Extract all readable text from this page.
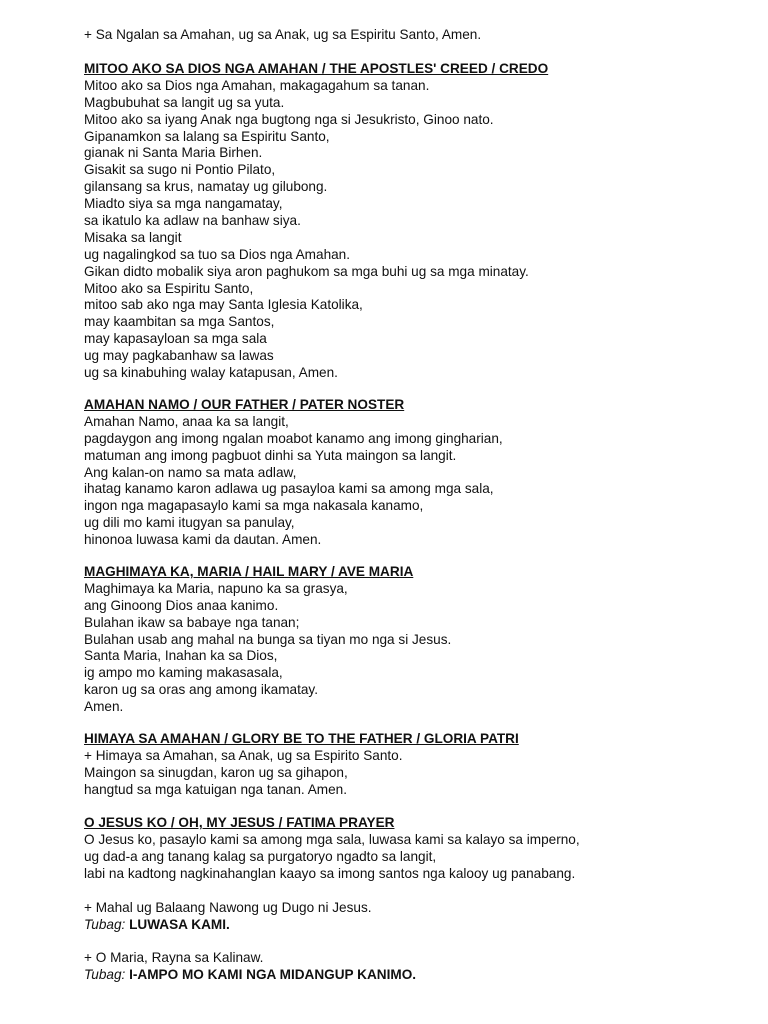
+ Sa Ngalan sa Amahan, ug sa Anak, ug sa Espiritu Santo, Amen.
MITOO AKO SA DIOS NGA AMAHAN / THE APOSTLES' CREED / CREDO
Mitoo ako sa Dios nga Amahan, makagagahum sa tanan.
Magbubuhat sa langit ug sa yuta.
Mitoo ako sa iyang Anak nga bugtong nga si Jesukristo, Ginoo nato.
Gipanamkon sa lalang sa Espiritu Santo,
gianak ni Santa Maria Birhen.
Gisakit sa sugo ni Pontio Pilato,
gilansang sa krus, namatay ug gilubong.
Miadto siya sa mga nangamatay,
sa ikatulo ka adlaw na banhaw siya.
Misaka sa langit
ug nagalingkod sa tuo sa Dios nga Amahan.
Gikan didto mobalik siya aron paghukom sa mga buhi ug sa mga minatay.
Mitoo ako sa Espiritu Santo,
mitoo sab ako nga may Santa Iglesia Katolika,
may kaambitan sa mga Santos,
may kapasayloan sa mga sala
ug may pagkabanhaw sa lawas
ug sa kinabuhing walay katapusan, Amen.
AMAHAN NAMO / OUR FATHER / PATER NOSTER
Amahan Namo, anaa ka sa langit,
pagdaygon ang imong ngalan moabot kanamo ang imong gingharian,
matuman ang imong pagbuot dinhi sa Yuta maingon sa langit.
Ang kalan-on namo sa mata adlaw,
ihatag kanamo karon adlawa ug pasayloa kami sa among mga sala,
ingon nga magapasaylo kami sa mga nakasala kanamo,
ug dili mo kami itugyan sa panulay,
hinonoa luwasa kami da dautan. Amen.
MAGHIMAYA KA, MARIA / HAIL MARY / AVE MARIA
Maghimaya ka Maria, napuno ka sa grasya,
ang Ginoong Dios anaa kanimo.
Bulahan ikaw sa babaye nga tanan;
Bulahan usab ang mahal na bunga sa tiyan mo nga si Jesus.
Santa Maria, Inahan ka sa Dios,
ig ampo mo kaming makasasala,
karon ug sa oras ang among ikamatay.
Amen.
HIMAYA SA AMAHAN / GLORY BE TO THE FATHER / GLORIA PATRI
+ Himaya sa Amahan, sa Anak, ug sa Espirito Santo.
Maingon sa sinugdan, karon ug sa gihapon,
hangtud sa mga katuigan nga tanan. Amen.
O JESUS KO / OH, MY JESUS / FATIMA PRAYER
O Jesus ko, pasaylo kami sa among mga sala, luwasa kami sa kalayo sa imperno,
ug dad-a ang tanang kalag sa purgatoryo ngadto sa langit,
labi na kadtong nagkinahanglan kaayo sa imong santos nga kalooy ug panabang.
+ Mahal ug Balaang Nawong ug Dugo ni Jesus.
Tubag: LUWASA KAMI.
+ O Maria, Rayna sa Kalinaw.
Tubag: I-AMPO MO KAMI NGA MIDANGUP KANIMO.
